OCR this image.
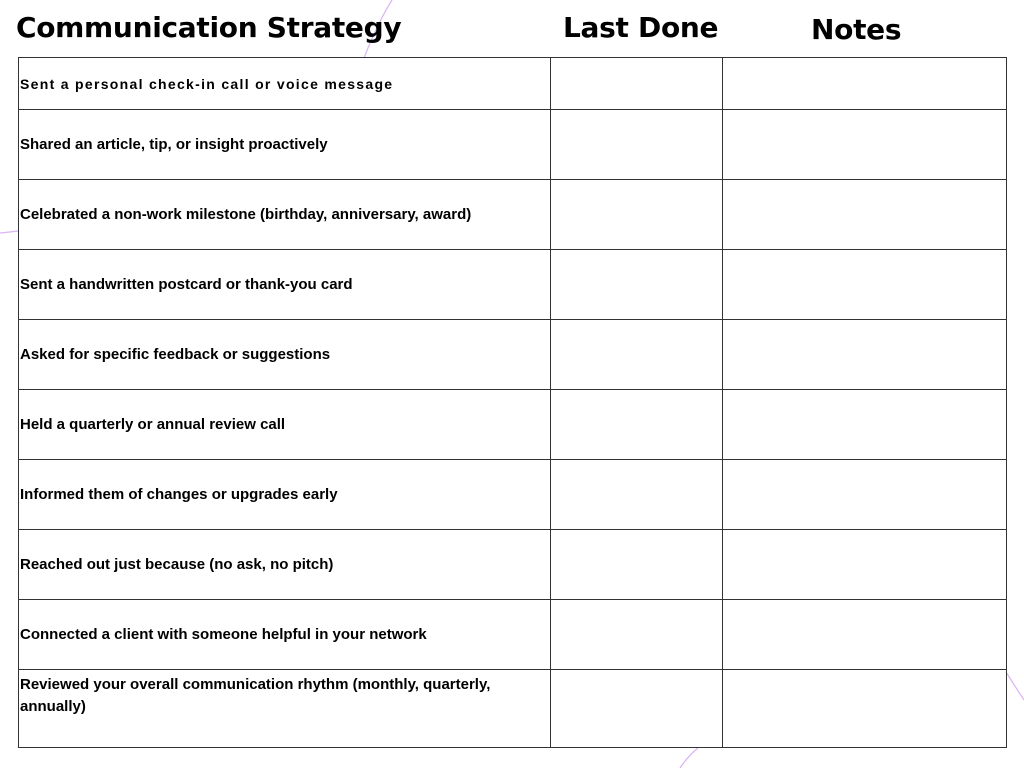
Communication Strategy	Last Done	Notes
Sent a personal check-in call or voice message		

Shared an article, tip, or insight proactively		

Celebrated a non-work milestone (birthday, anniversary, award)		

Sent a handwritten postcard or thank-you card		

Asked for specific feedback or suggestions		

Held a quarterly or annual review call		

Informed them of changes or upgrades early		

Reached out just because (no ask, no pitch)		

Connected a client with someone helpful in your network		

Reviewed your overall communication rhythm (monthly, quarterly, annually)		
